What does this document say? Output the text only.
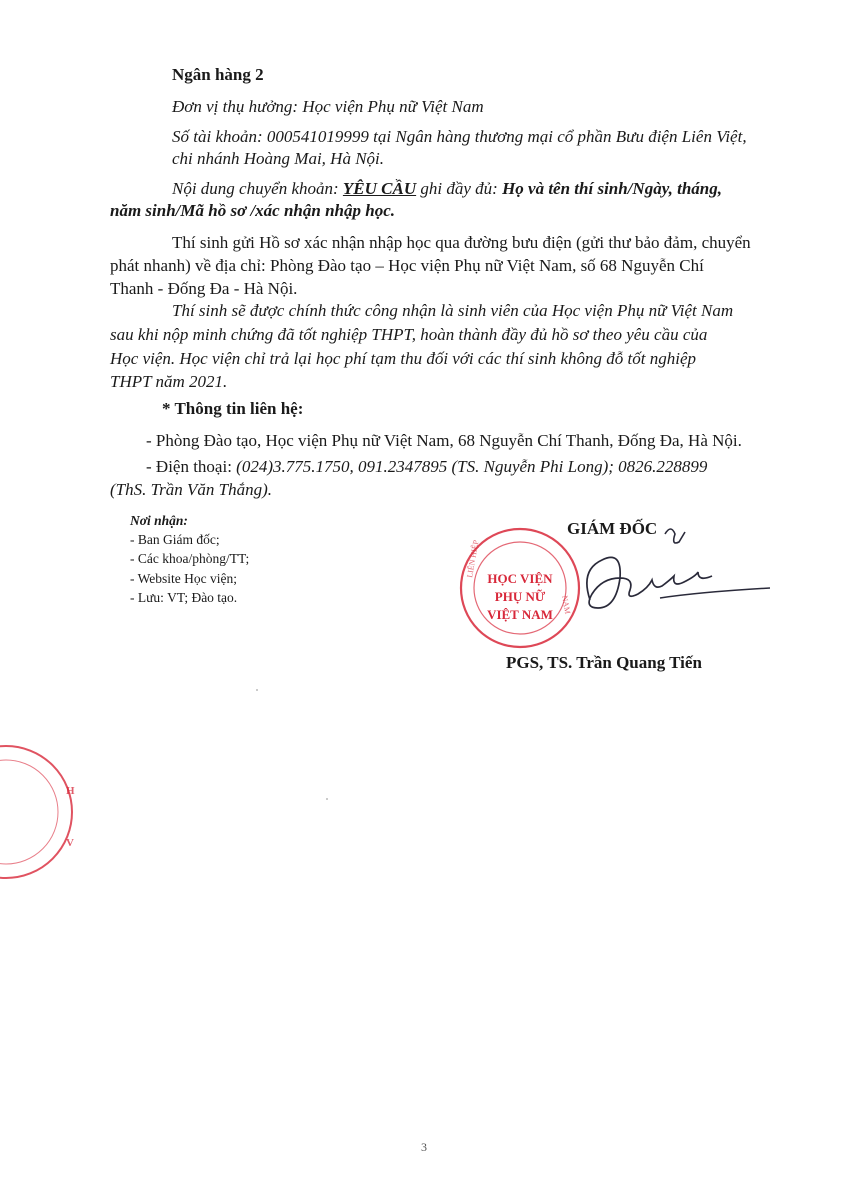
Ngân hàng 2
Đơn vị thụ hưởng: Học viện Phụ nữ Việt Nam
Số tài khoản: 000541019999 tại Ngân hàng thương mại cổ phần Bưu điện Liên Việt,
chi nhánh Hoàng Mai, Hà Nội.
Nội dung chuyển khoản: YÊU CẦU ghi đầy đủ: Họ và tên thí sinh/Ngày, tháng,
năm sinh/Mã hồ sơ /xác nhận nhập học.
Thí sinh gửi Hồ sơ xác nhận nhập học qua đường bưu điện (gửi thư bảo đảm, chuyển
phát nhanh) về địa chỉ: Phòng Đào tạo – Học viện Phụ nữ Việt Nam, số 68 Nguyễn Chí
Thanh - Đống Đa - Hà Nội.
Thí sinh sẽ được chính thức công nhận là sinh viên của Học viện Phụ nữ Việt Nam
sau khi nộp minh chứng đã tốt nghiệp THPT, hoàn thành đầy đủ hồ sơ theo yêu cầu của
Học viện. Học viện chỉ trả lại học phí tạm thu đối với các thí sinh không đỗ tốt nghiệp
THPT năm 2021.
* Thông tin liên hệ:
- Phòng Đào tạo, Học viện Phụ nữ Việt Nam, 68 Nguyễn Chí Thanh, Đống Đa, Hà Nội.
- Điện thoại: (024)3.775.1750, 091.2347895 (TS. Nguyễn Phi Long); 0826.228899
(ThS. Trần Văn Thắng).
Nơi nhận:
- Ban Giám đốc;
- Các khoa/phòng/TT;
- Website Học viện;
- Lưu: VT; Đào tạo.
LIÊN HIỆP
NAM
HỌC VIỆN
PHỤ NỮ
VIỆT NAM
GIÁM ĐỐC
PGS, TS. Trần Quang Tiến
H
V
3
